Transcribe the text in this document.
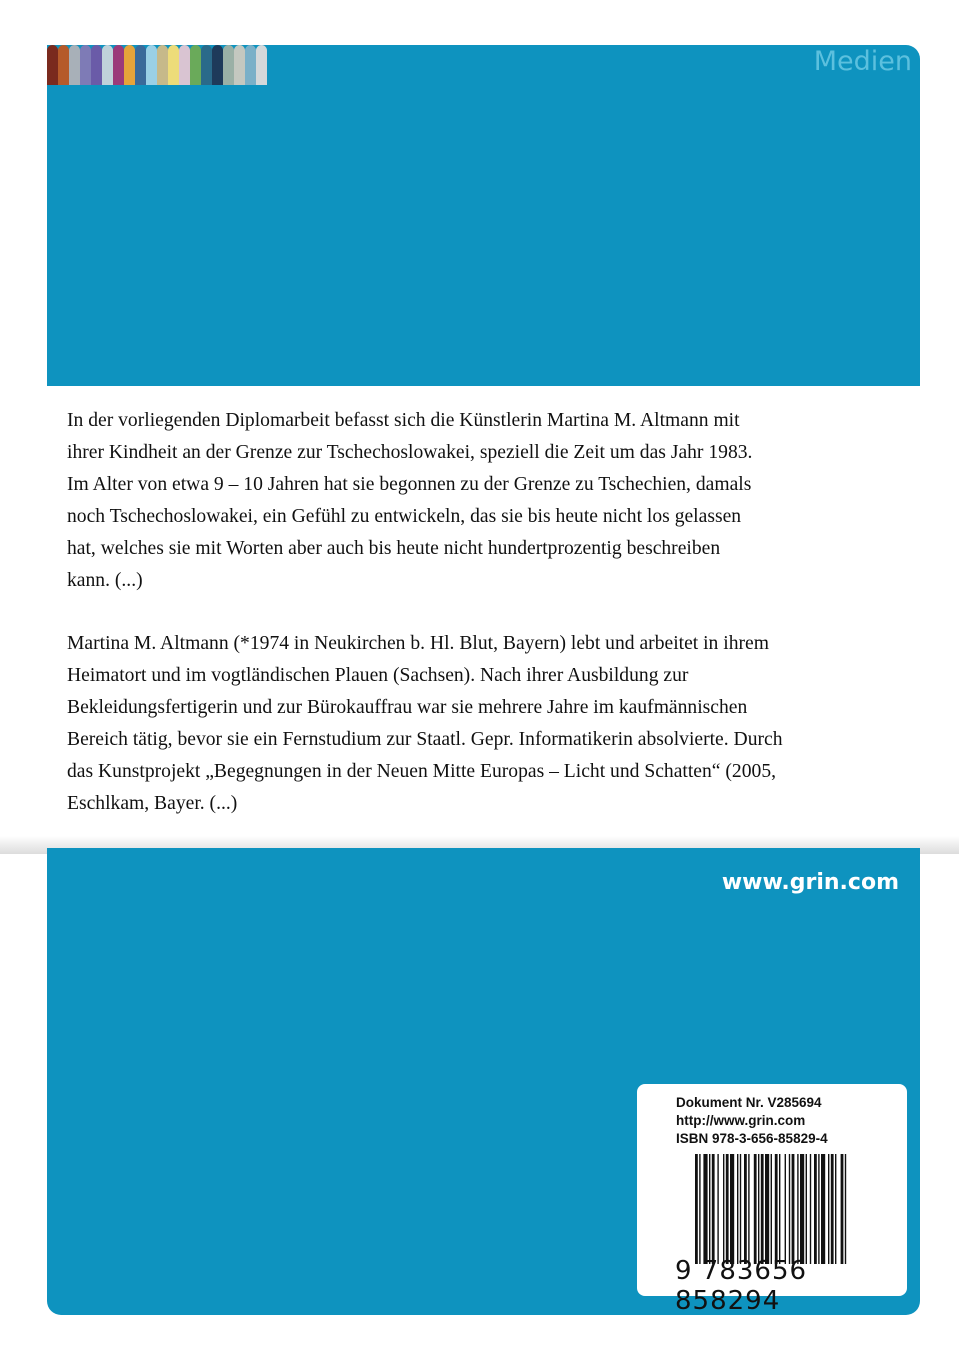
Medien
In der vorliegenden Diplomarbeit befasst sich die Künstlerin Martina M. Altmann mit
ihrer Kindheit an der Grenze zur Tschechoslowakei, speziell die Zeit um das Jahr 1983.
Im Alter von etwa 9 – 10 Jahren hat sie begonnen zu der Grenze zu Tschechien, damals
noch Tschechoslowakei, ein Gefühl zu entwickeln, das sie bis heute nicht los gelassen
hat, welches sie mit Worten aber auch bis heute nicht hundertprozentig beschreiben
kann. (...)
Martina M. Altmann (*1974 in Neukirchen b. Hl. Blut, Bayern) lebt und arbeitet in ihrem
Heimatort und im vogtländischen Plauen (Sachsen). Nach ihrer Ausbildung zur
Bekleidungsfertigerin und zur Bürokauffrau war sie mehrere Jahre im kaufmännischen
Bereich tätig, bevor sie ein Fernstudium zur Staatl. Gepr. Informatikerin absolvierte. Durch
das Kunstprojekt „Begegnungen in der Neuen Mitte Europas – Licht und Schatten“ (2005,
Eschlkam, Bayer. (...)
www.grin.com
Dokument Nr. V285694
http://www.grin.com
ISBN 978-3-656-85829-4
9 783656 858294
